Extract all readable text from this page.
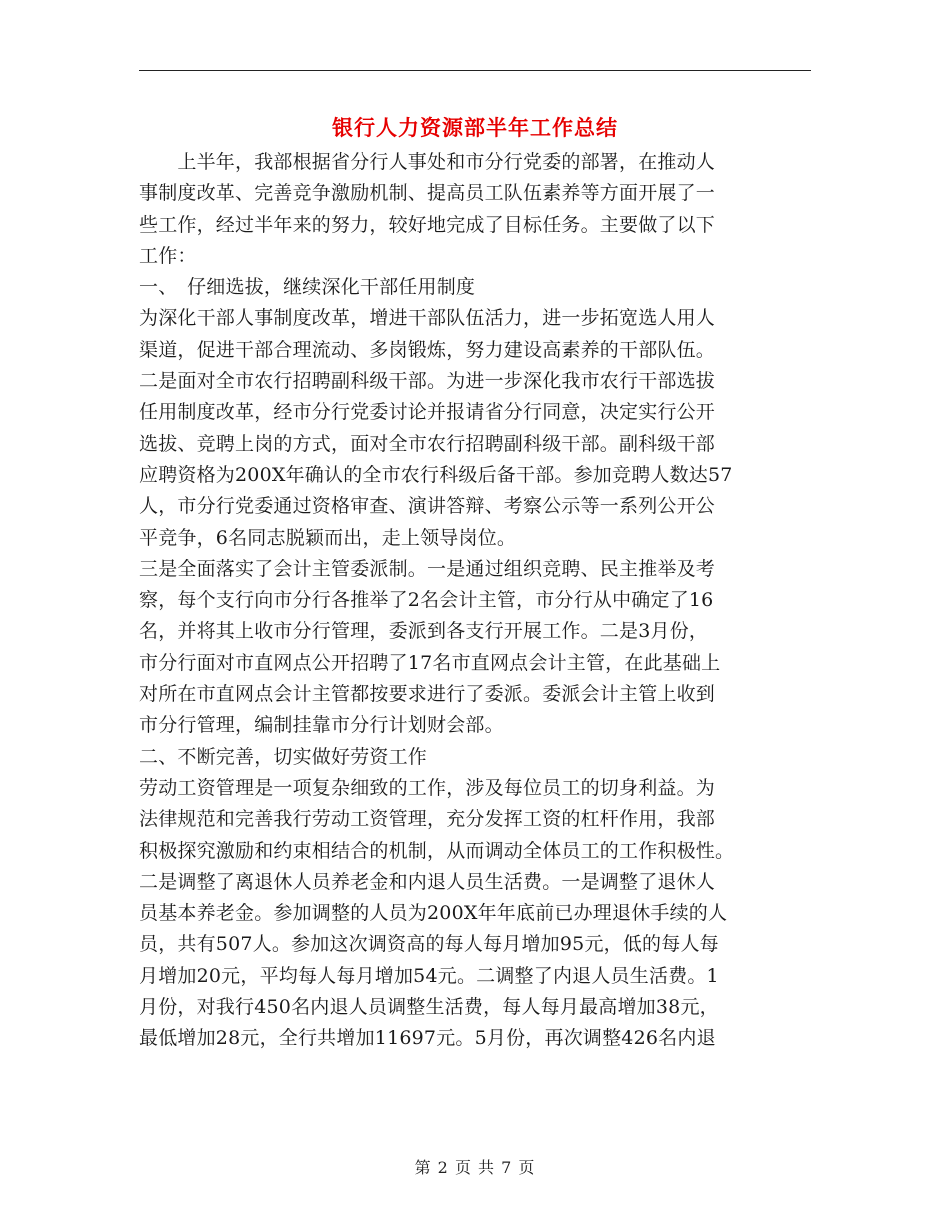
银行人力资源部半年工作总结
　　上半年，我部根据省分行人事处和市分行党委的部署，在推动人
事制度改革、完善竞争激励机制、提高员工队伍素养等方面开展了一
些工作，经过半年来的努力，较好地完成了目标任务。主要做了以下
工作：
一、　仔细选拔，继续深化干部任用制度
为深化干部人事制度改革，增进干部队伍活力，进一步拓宽选人用人
渠道，促进干部合理流动、多岗锻炼，努力建设高素养的干部队伍。
二是面对全市农行招聘副科级干部。为进一步深化我市农行干部选拔
任用制度改革，经市分行党委讨论并报请省分行同意，决定实行公开
选拔、竞聘上岗的方式，面对全市农行招聘副科级干部。副科级干部
应聘资格为200X年确认的全市农行科级后备干部。参加竞聘人数达57
人，市分行党委通过资格审查、演讲答辩、考察公示等一系列公开公
平竞争，6名同志脱颖而出，走上领导岗位。
三是全面落实了会计主管委派制。一是通过组织竞聘、民主推举及考
察，每个支行向市分行各推举了2名会计主管，市分行从中确定了16
名，并将其上收市分行管理，委派到各支行开展工作。二是3月份，
市分行面对市直网点公开招聘了17名市直网点会计主管，在此基础上
对所在市直网点会计主管都按要求进行了委派。委派会计主管上收到
市分行管理，编制挂靠市分行计划财会部。
二、不断完善，切实做好劳资工作
劳动工资管理是一项复杂细致的工作，涉及每位员工的切身利益。为
法律规范和完善我行劳动工资管理，充分发挥工资的杠杆作用，我部
积极探究激励和约束相结合的机制，从而调动全体员工的工作积极性。
二是调整了离退休人员养老金和内退人员生活费。一是调整了退休人
员基本养老金。参加调整的人员为200X年年底前已办理退休手续的人
员，共有507人。参加这次调资高的每人每月增加95元，低的每人每
月增加20元，平均每人每月增加54元。二调整了内退人员生活费。1
月份，对我行450名内退人员调整生活费，每人每月最高增加38元，
最低增加28元，全行共增加11697元。5月份，再次调整426名内退
第 2 页 共 7 页
